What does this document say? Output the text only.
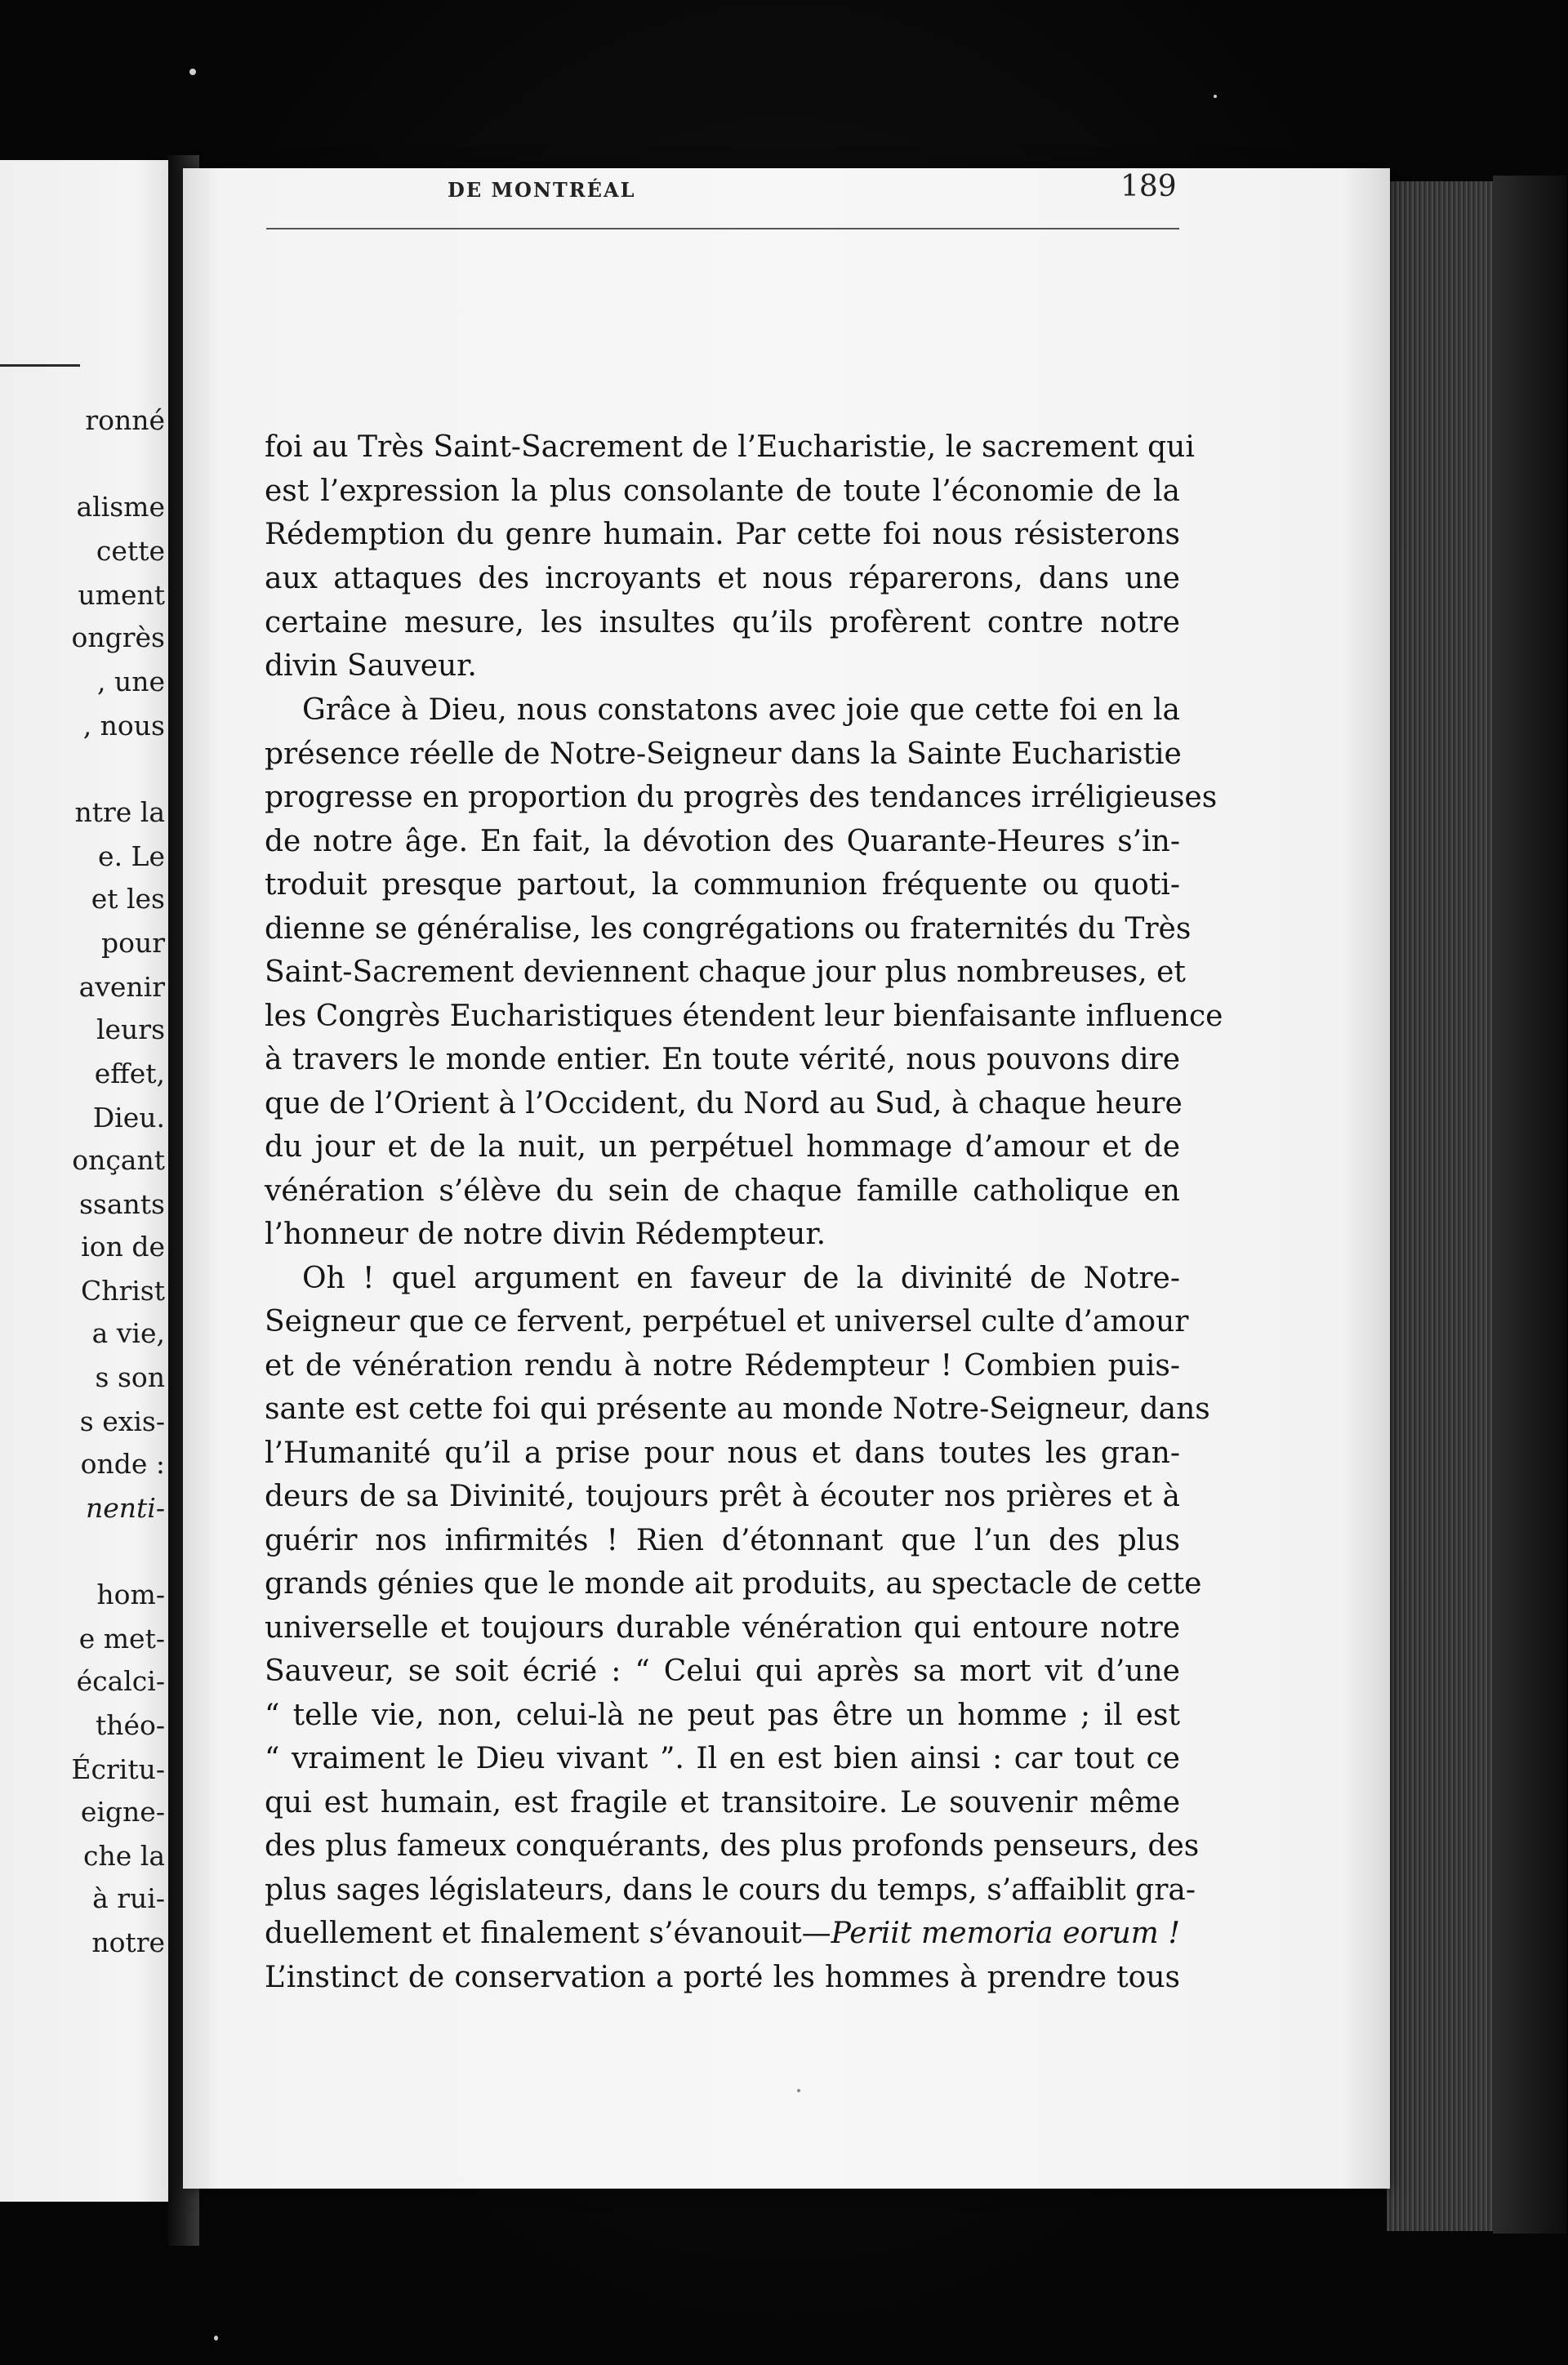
ronné
alisme
cette
ument
ongrès
, une
, nous
ntre la
e. Le
et les
pour
avenir
leurs
effet,
Dieu.
onçant
ssants
ion de
Christ
a vie,
s son
s exis-
onde :
nenti-
hom-
e met-
écalci-
théo-
Écritu-
eigne-
che la
à rui-
notre
DE MONTRÉAL	189
foi au Très Saint-Sacrement de l’Eucharistie, le sacrement qui
est l’expression la plus consolante de toute l’économie de la
Rédemption du genre humain. Par cette foi nous résisterons
aux attaques des incroyants et nous réparerons, dans une
certaine mesure, les insultes qu’ils profèrent contre notre
divin Sauveur.
Grâce à Dieu, nous constatons avec joie que cette foi en la
présence réelle de Notre-Seigneur dans la Sainte Eucharistie
progresse en proportion du progrès des tendances irréligieuses
de notre âge. En fait, la dévotion des Quarante-Heures s’in-
troduit presque partout, la communion fréquente ou quoti-
dienne se généralise, les congrégations ou fraternités du Très
Saint-Sacrement deviennent chaque jour plus nombreuses, et
les Congrès Eucharistiques étendent leur bienfaisante influence
à travers le monde entier. En toute vérité, nous pouvons dire
que de l’Orient à l’Occident, du Nord au Sud, à chaque heure
du jour et de la nuit, un perpétuel hommage d’amour et de
vénération s’élève du sein de chaque famille catholique en
l’honneur de notre divin Rédempteur.
Oh ! quel argument en faveur de la divinité de Notre-
Seigneur que ce fervent, perpétuel et universel culte d’amour
et de vénération rendu à notre Rédempteur ! Combien puis-
sante est cette foi qui présente au monde Notre-Seigneur, dans
l’Humanité qu’il a prise pour nous et dans toutes les gran-
deurs de sa Divinité, toujours prêt à écouter nos prières et à
guérir nos infirmités ! Rien d’étonnant que l’un des plus
grands génies que le monde ait produits, au spectacle de cette
universelle et toujours durable vénération qui entoure notre
Sauveur, se soit écrié : “ Celui qui après sa mort vit d’une
“ telle vie, non, celui-là ne peut pas être un homme ; il est
“ vraiment le Dieu vivant ”. Il en est bien ainsi : car tout ce
qui est humain, est fragile et transitoire. Le souvenir même
des plus fameux conquérants, des plus profonds penseurs, des
plus sages législateurs, dans le cours du temps, s’affaiblit gra-
duellement et finalement s’évanouit—Periit memoria eorum !
L’instinct de conservation a porté les hommes à prendre tous
